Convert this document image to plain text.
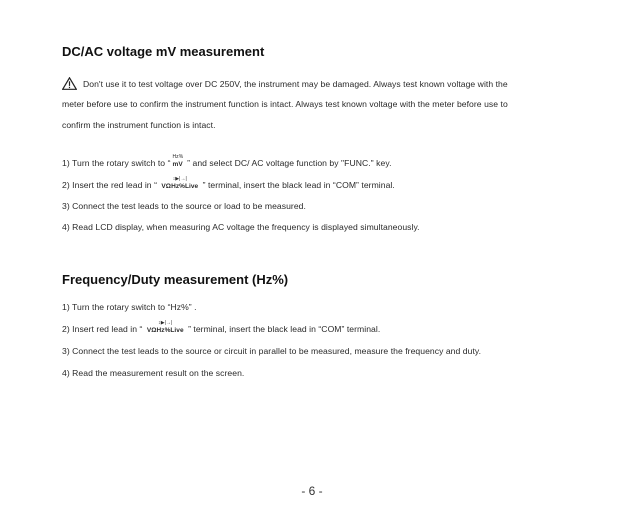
DC/AC voltage mV measurement

Don't use it to test voltage over DC 250V, the instrument may be damaged. Always test known voltage with the

meter before use to confirm the instrument function is intact. Always test known voltage with the meter before use to

confirm the instrument function is intact.

1) Turn the rotary switch to “
Hz%
mV ” and select DC/ AC voltage function by "FUNC." key.

2) Insert the red lead in “
↕▶|→|
VΩHz%Live ” terminal, insert the black lead in “COM” terminal.

3) Connect the test leads to the source or load to be measured.

4) Read LCD display, when measuring AC voltage the frequency is displayed simultaneously.

Frequency/Duty measurement (Hz%)

1) Turn the rotary switch to “Hz%” .

2) Insert red lead in “
↕▶|→|
VΩHz%Live ” terminal, insert the black lead in “COM” terminal.

3) Connect the test leads to the source or circuit in parallel to be measured, measure the frequency and duty.

4) Read the measurement result on the screen.

- 6 -
